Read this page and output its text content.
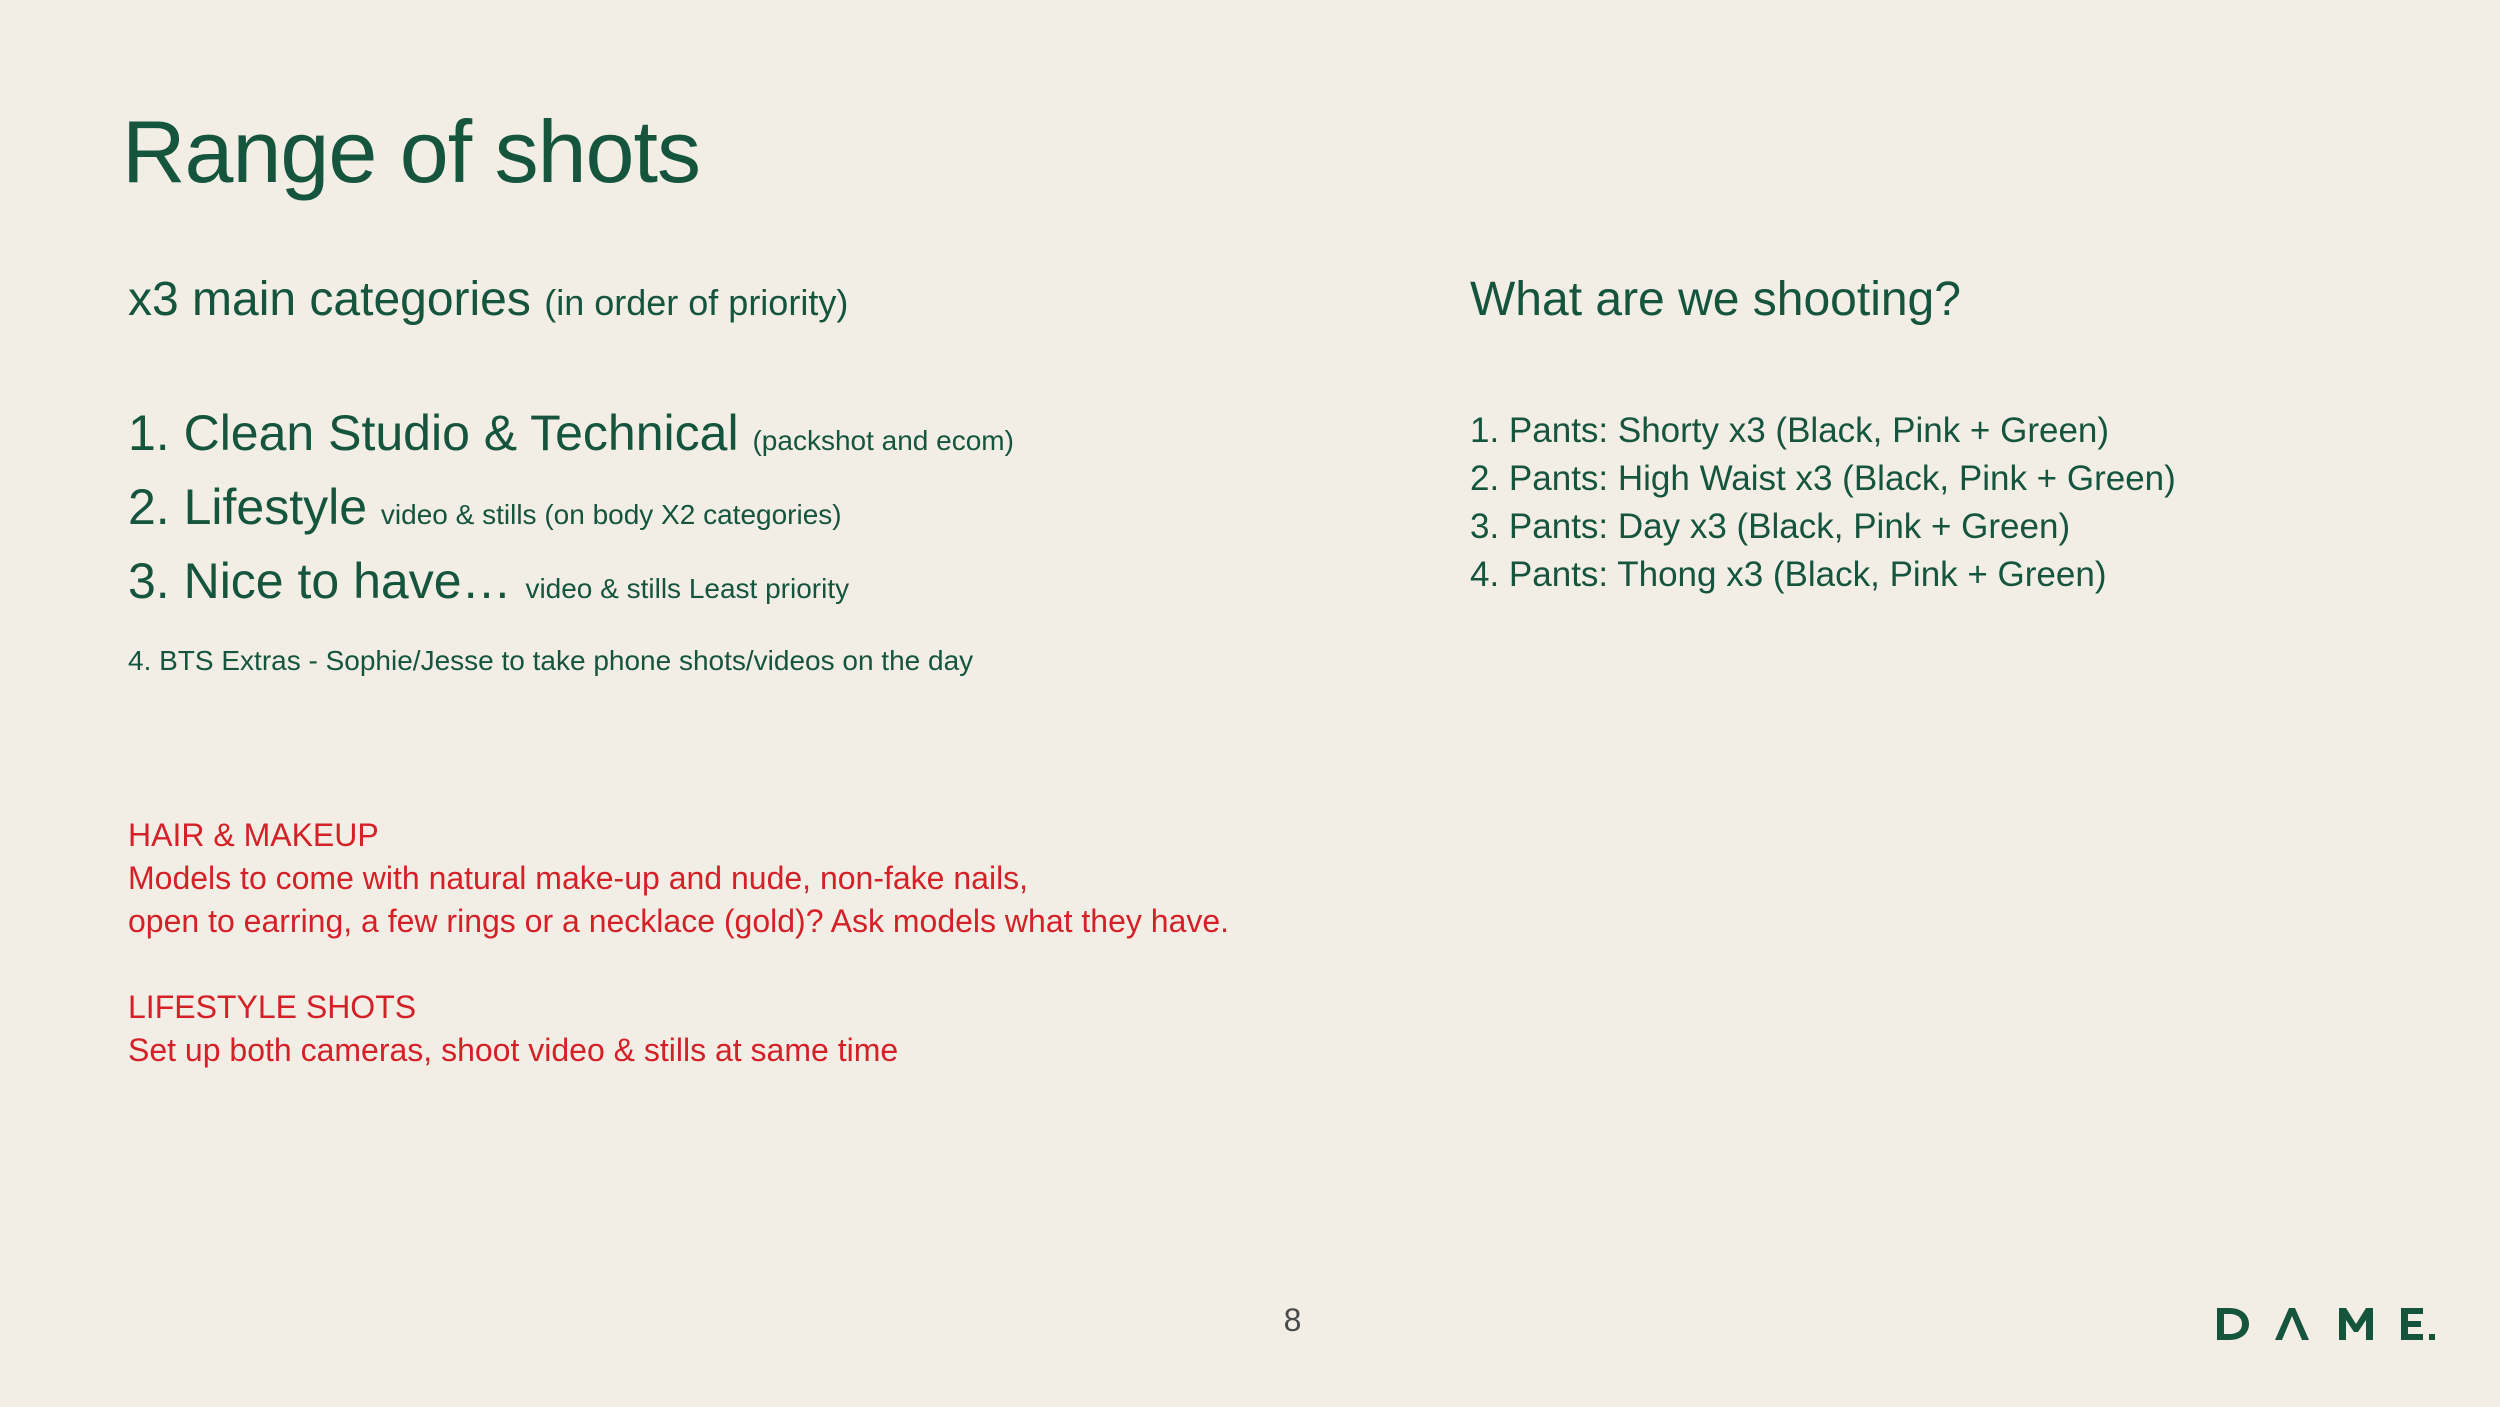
Range of shots
x3 main categories (in order of priority)
1. Clean Studio & Technical (packshot and ecom)
2. Lifestyle video & stills (on body X2 categories)
3. Nice to have… video & stills Least priority
4. BTS Extras - Sophie/Jesse to take phone shots/videos on the day
HAIR & MAKEUP
Models to come with natural make-up and nude, non-fake nails,
open to earring, a few rings or a necklace (gold)? Ask models what they have.
LIFESTYLE SHOTS
Set up both cameras, shoot video & stills at same time
What are we shooting?
1. Pants: Shorty x3 (Black, Pink + Green)
2. Pants: High Waist x3 (Black, Pink + Green)
3. Pants: Day x3 (Black, Pink + Green)
4. Pants: Thong x3 (Black, Pink + Green)
8
